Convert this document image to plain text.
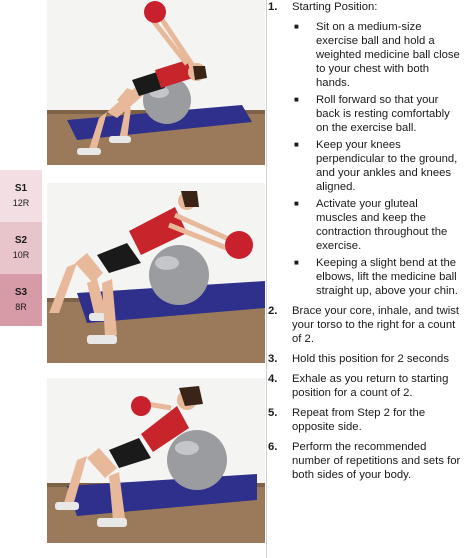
S1
12R
S2
10R
S3
8R
1.	Starting Position:
■	Sit on a medium-size exercise ball and hold a weighted medicine ball close to your chest with both hands.
■	Roll forward so that your back is resting comfortably on the exercise ball.
■	Keep your knees perpendicular to the ground, and your ankles and knees aligned.
■	Activate your gluteal muscles and keep the contraction throughout the exercise.
■	Keeping a slight bend at the elbows, lift the medicine ball straight up, above your chin.
2.	Brace your core, inhale, and twist your torso to the right for a count of 2.
3.	Hold this position for 2 seconds
4.	Exhale as you return to starting position for a count of 2.
5.	Repeat from Step 2 for the opposite side.
6.	Perform the recommended number of repetitions and sets for both sides of your body.
